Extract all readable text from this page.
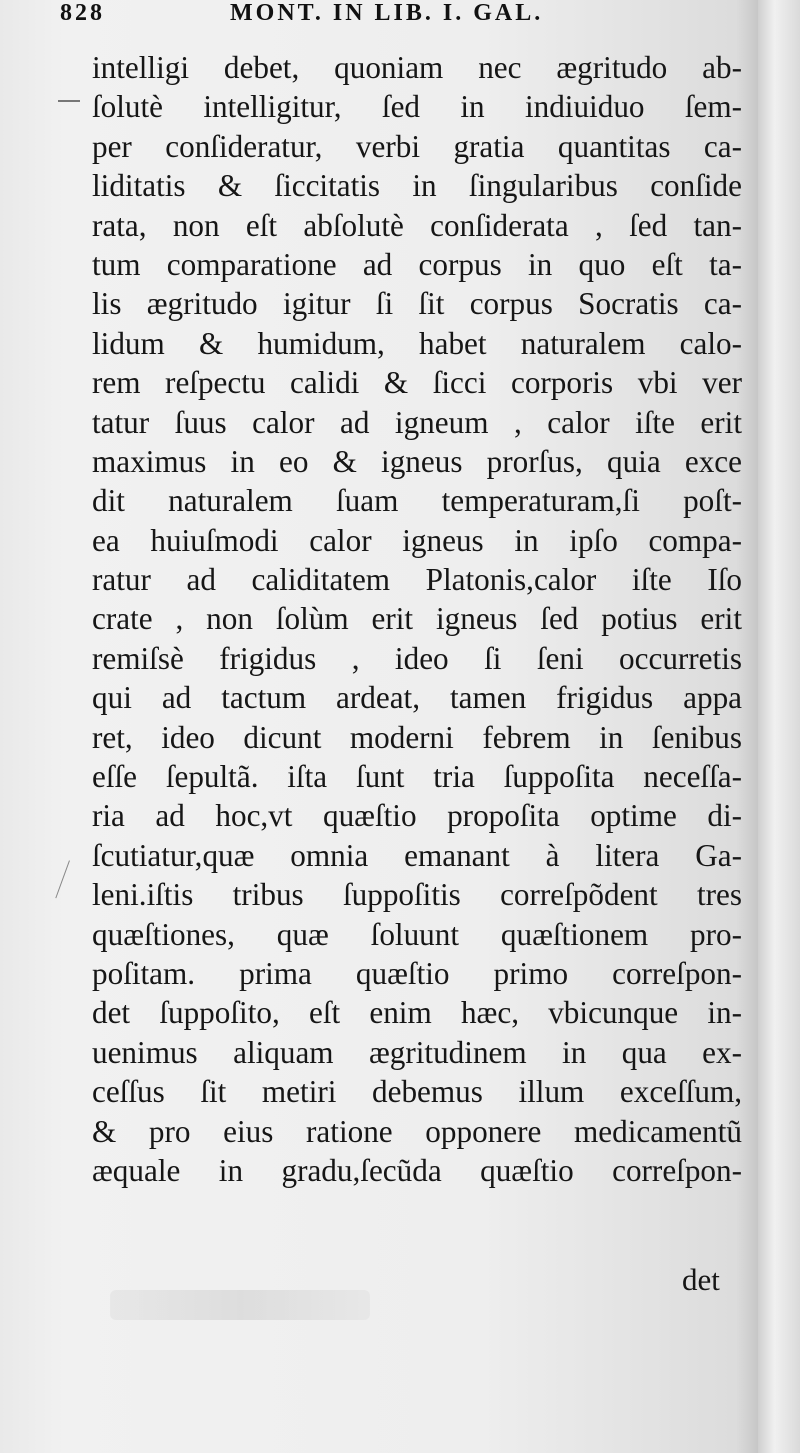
828	MONT. IN LIB. I. GAL.
intelligi debet, quoniam nec ægritudo ab-
ſolutè intelligitur, ſed in indiuiduo ſem-
per conſideratur, verbi gratia quantitas ca-
liditatis & ſiccitatis in ſingularibus conſide
rata, non eſt abſolutè conſiderata , ſed tan-
tum comparatione ad corpus in quo eſt ta-
lis ægritudo igitur ſi ſit corpus Socratis ca-
lidum & humidum, habet naturalem calo-
rem reſpectu calidi & ſicci corporis vbi ver
tatur ſuus calor ad igneum , calor iſte erit
maximus in eo & igneus prorſus, quia exce
dit naturalem ſuam temperaturam,ſi poſt-
ea huiuſmodi calor igneus in ipſo compa-
ratur ad caliditatem Platonis,calor iſte Iſo
crate , non ſolùm erit igneus ſed potius erit
remiſsè frigidus , ideo ſi ſeni occurretis
qui ad tactum ardeat, tamen frigidus appa
ret, ideo dicunt moderni febrem in ſenibus
eſſe ſepultã. iſta ſunt tria ſuppoſita neceſſa-
ria ad hoc,vt quæſtio propoſita optime di-
ſcutiatur,quæ omnia emanant à litera Ga-
leni.iſtis tribus ſuppoſitis correſpõdent tres
quæſtiones, quæ ſoluunt quæſtionem pro-
poſitam. prima quæſtio primo correſpon-
det ſuppoſito, eſt enim hæc, vbicunque in-
uenimus aliquam ægritudinem in qua ex-
ceſſus ſit metiri debemus illum exceſſum,
& pro eius ratione opponere medicamentũ
æquale in gradu,ſecũda quæſtio correſpon-
det
